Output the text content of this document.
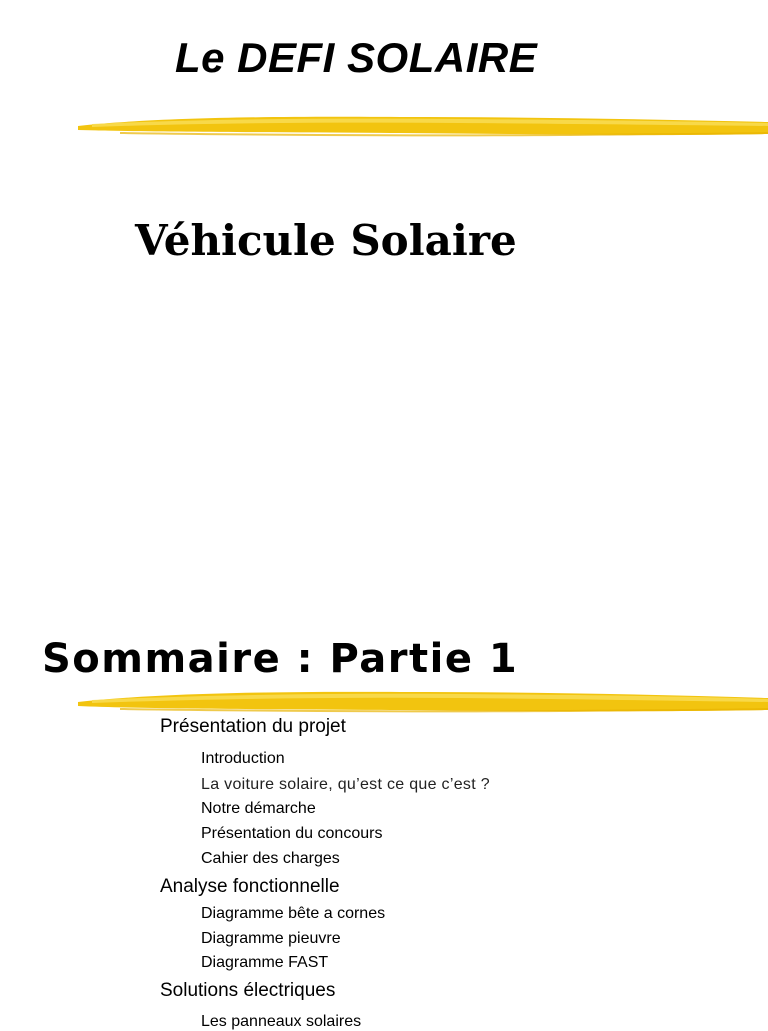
Le DEFI SOLAIRE
Véhicule Solaire
Sommaire : Partie 1
Présentation du projet
Introduction
La voiture solaire, qu’est ce que c’est ?
Notre démarche
Présentation du concours
Cahier des charges
Analyse fonctionnelle
Diagramme bête a cornes
Diagramme pieuvre
Diagramme FAST
Solutions électriques
Les panneaux solaires
